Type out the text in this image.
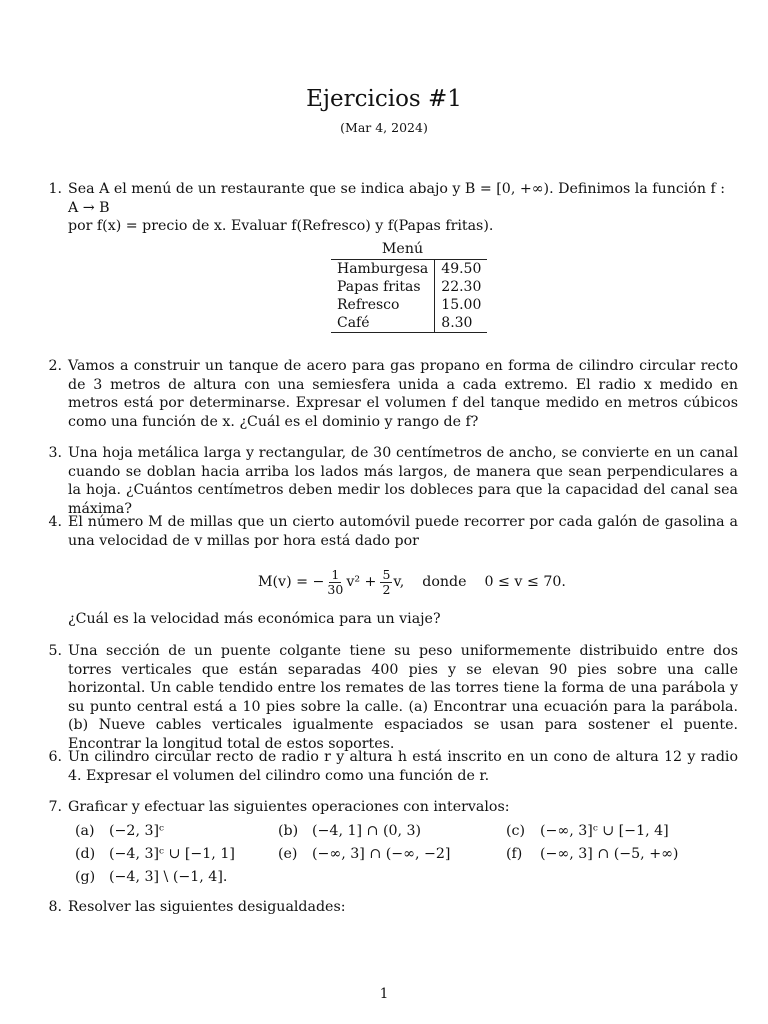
Ejercicios #1
(Mar 4, 2024)
1. Sea A el menú de un restaurante que se indica abajo y B = [0, +∞). Definimos la función f : A → B
por f(x) = precio de x. Evaluar f(Refresco) y f(Papas fritas).
Menú
Hamburgesa	49.50
Papas fritas	22.30
Refresco	15.00
Café	8.30
2. Vamos a construir un tanque de acero para gas propano en forma de cilindro circular recto de 3 metros de altura con una semiesfera unida a cada extremo. El radio x medido en metros está por determinarse. Expresar el volumen f del tanque medido en metros cúbicos como una función de x. ¿Cuál es el dominio y rango de f?
3. Una hoja metálica larga y rectangular, de 30 centímetros de ancho, se convierte en un canal cuando se doblan hacia arriba los lados más largos, de manera que sean perpendiculares a la hoja. ¿Cuántos centímetros deben medir los dobleces para que la capacidad del canal sea máxima?
4. El número M de millas que un cierto automóvil puede recorrer por cada galón de gasolina a una velocidad de v millas por hora está dado por
M(v) = − $\frac{1}{30} v^2 + \frac{5}{2} v$, donde 0 ≤ v ≤ 70.
¿Cuál es la velocidad más económica para un viaje?
5. Una sección de un puente colgante tiene su peso uniformemente distribuido entre dos torres verticales que están separadas 400 pies y se elevan 90 pies sobre una calle horizontal. Un cable tendido entre los remates de las torres tiene la forma de una parábola y su punto central está a 10 pies sobre la calle. (a) Encontrar una ecuación para la parábola. (b) Nueve cables verticales igualmente espaciados se usan para sostener el puente. Encontrar la longitud total de estos soportes.
6. Un cilindro circular recto de radio r y altura h está inscrito en un cono de altura 12 y radio 4. Expresar el volumen del cilindro como una función de r.
7. Graficar y efectuar las siguientes operaciones con intervalos:
(a) (−2, 3]ᶜ	(b) (−4, 1] ∩ (0, 3)	(c) (−∞, 3]ᶜ ∪ [−1, 4]
(d) (−4, 3]ᶜ ∪ [−1, 1]	(e) (−∞, 3] ∩ (−∞, −2]	(f) (−∞, 3] ∩ (−5, +∞)
(g) (−4, 3] \ (−1, 4].
8. Resolver las siguientes desigualdades:
1
